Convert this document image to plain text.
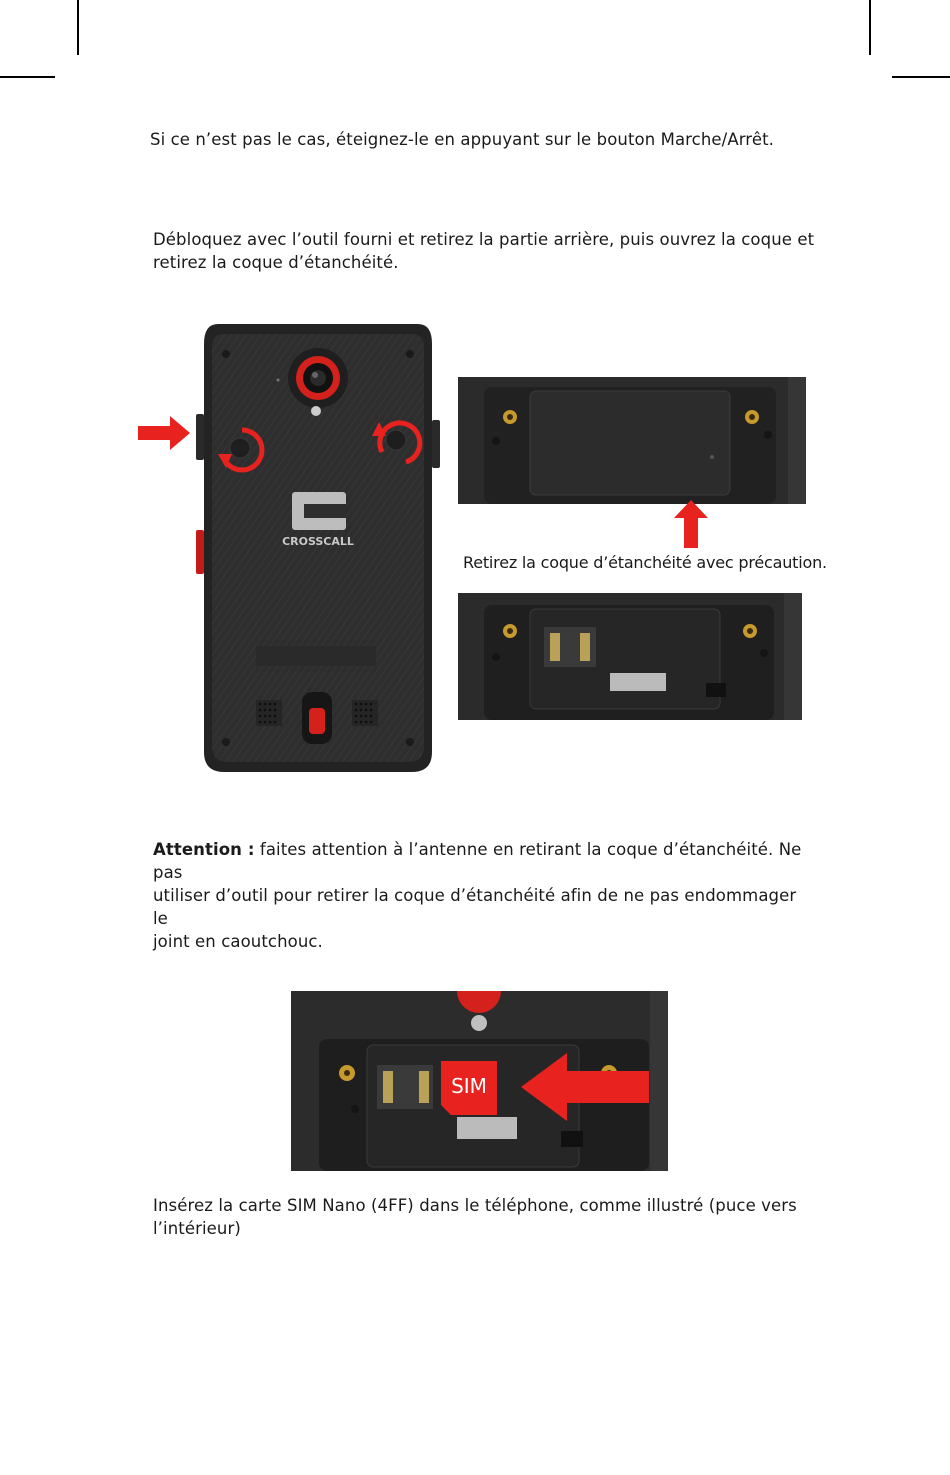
Si ce n’est pas le cas, éteignez-le en appuyant sur le bouton Marche/Arrêt.
Débloquez avec l’outil fourni et retirez la partie arrière, puis ouvrez la coque et
retirez la coque d’étanchéité.
CROSSCALL
Retirez la coque d’étanchéité avec précaution.
Attention : faites attention à l’antenne en retirant la coque d’étanchéité. Ne pas
utiliser d’outil pour retirer la coque d’étanchéité afin de ne pas endommager le
joint en caoutchouc.
SIM
Insérez la carte SIM Nano (4FF) dans le téléphone, comme illustré (puce vers
l’intérieur)
